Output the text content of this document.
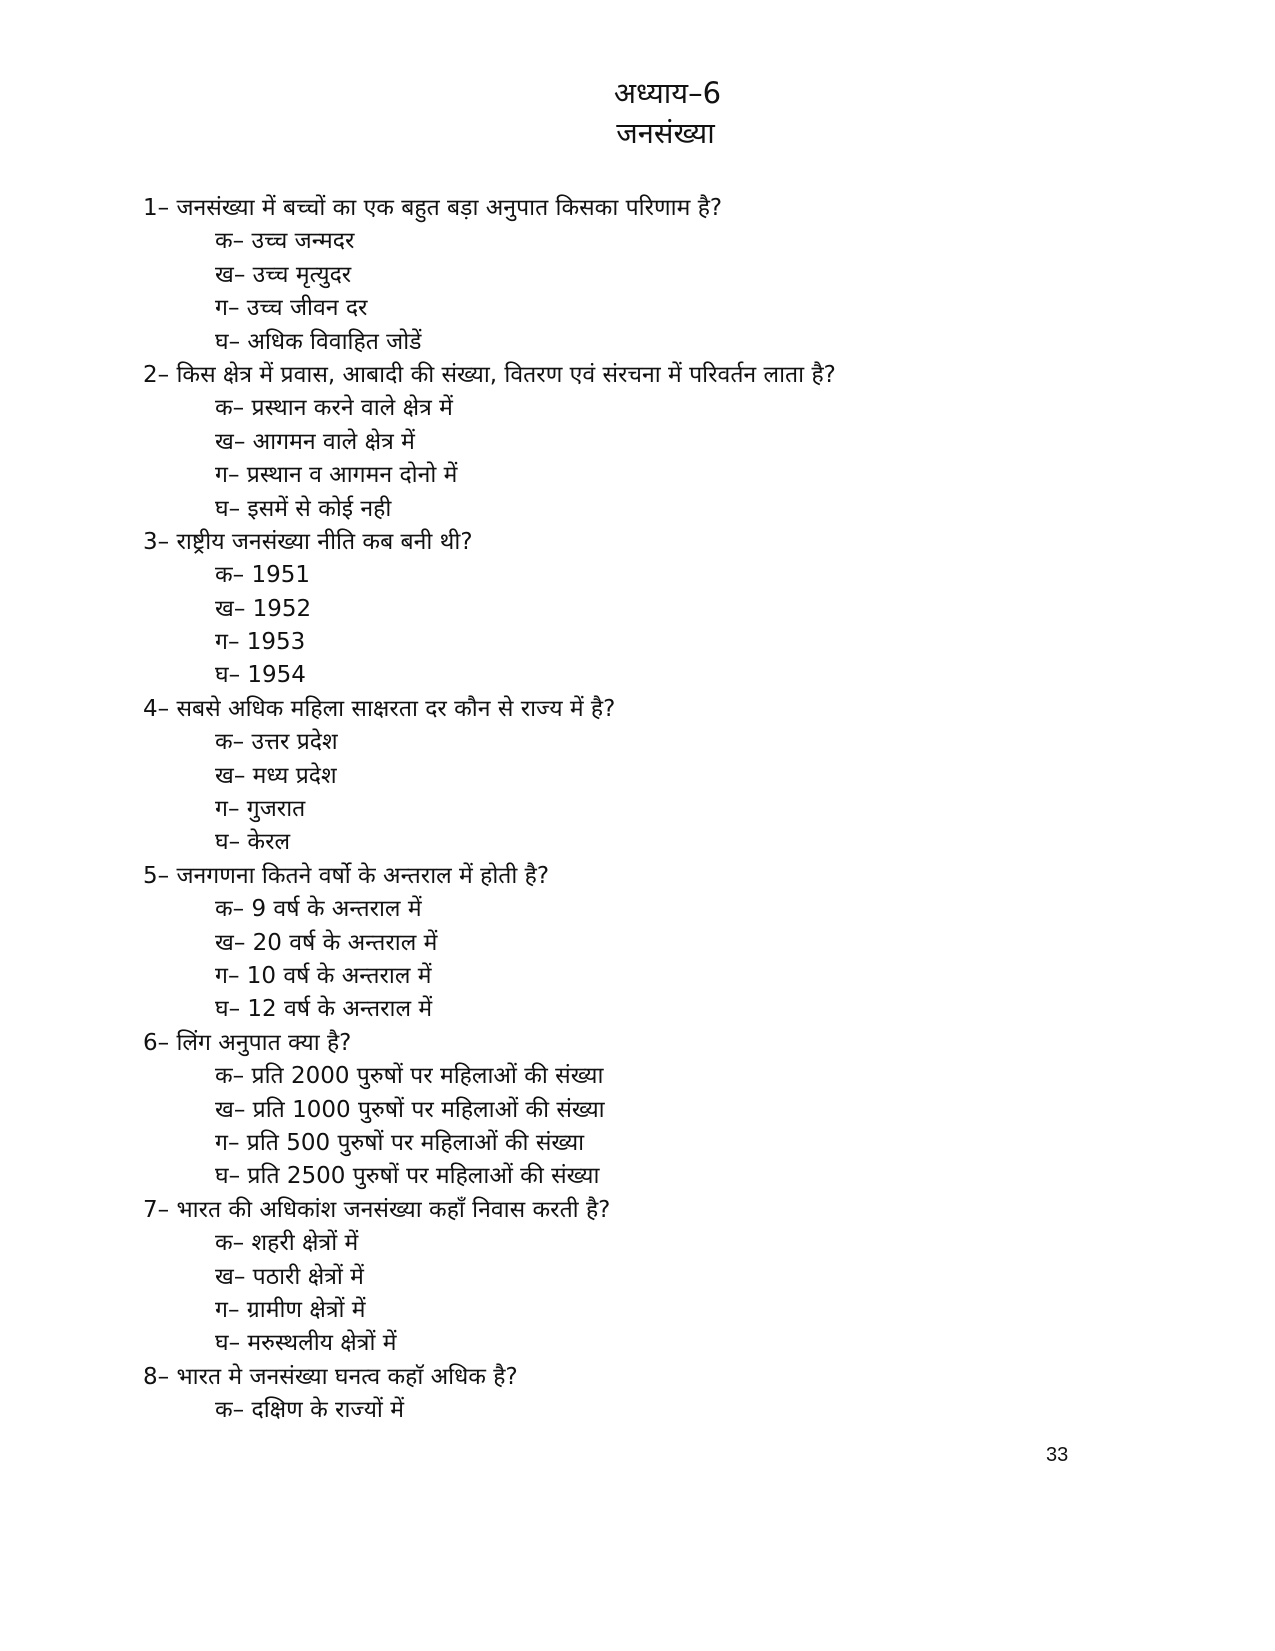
अध्याय–6
जनसंख्या
1– जनसंख्या में बच्चों का एक बहुत बड़ा अनुपात किसका परिणाम है?
क– उच्च जन्मदर
ख– उच्च मृत्युदर
ग– उच्च जीवन दर
घ– अधिक विवाहित जोडें
2– किस क्षेत्र में प्रवास, आबादी की संख्या, वितरण एवं संरचना में परिवर्तन लाता है?
क– प्रस्थान करने वाले क्षेत्र में
ख– आगमन वाले क्षेत्र में
ग– प्रस्थान व आगमन दोनो में
घ– इसमें से कोई नही
3– राष्ट्रीय जनसंख्या नीति कब बनी थी?
क– 1951
ख– 1952
ग– 1953
घ– 1954
4– सबसे अधिक महिला साक्षरता दर कौन से राज्य में है?
क– उत्तर प्रदेश
ख– मध्य प्रदेश
ग– गुजरात
घ– केरल
5– जनगणना कितने वर्षो के अन्तराल में होती है?
क– 9 वर्ष के अन्तराल में
ख– 20 वर्ष के अन्तराल में
ग– 10 वर्ष के अन्तराल में
घ– 12 वर्ष के अन्तराल में
6– लिंग अनुपात क्या है?
क– प्रति 2000 पुरुषों पर महिलाओं की संख्या
ख– प्रति 1000 पुरुषों पर महिलाओं की संख्या
ग– प्रति 500 पुरुषों पर महिलाओं की संख्या
घ– प्रति 2500 पुरुषों पर महिलाओं की संख्या
7– भारत की अधिकांश जनसंख्या कहाँ निवास करती है?
क– शहरी क्षेत्रों में
ख– पठारी क्षेत्रों में
ग– ग्रामीण क्षेत्रों में
घ– मरुस्थलीय क्षेत्रों में
8– भारत मे जनसंख्या घनत्व कहाॅ अधिक है?
क– दक्षिण के राज्यों में
33
